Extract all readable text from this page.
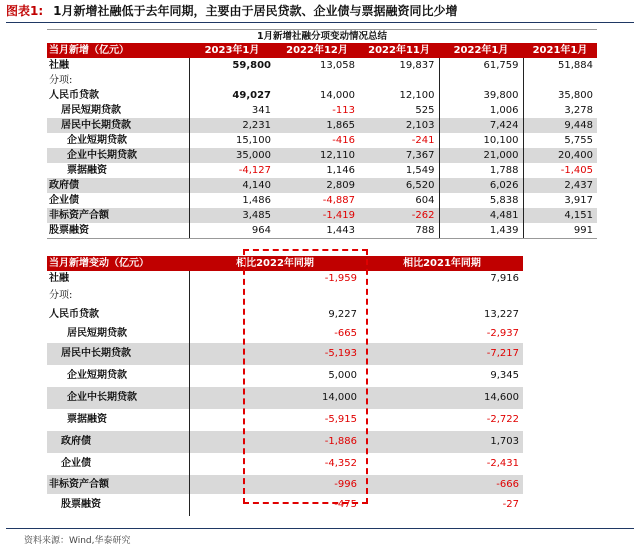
图表1: 1月新增社融低于去年同期，主要由于居民贷款、企业债与票据融资同比少增
1月新增社融分项变动情况总结
当月新增（亿元）	2023年1月	2022年12月	2022年11月	2022年1月	2021年1月
社融	59,800	13,058	19,837	61,759	51,884
分项:					
人民币贷款	49,027	14,000	12,100	39,800	35,800
居民短期贷款	341	-113	525	1,006	3,278
居民中长期贷款	2,231	1,865	2,103	7,424	9,448
企业短期贷款	15,100	-416	-241	10,100	5,755
企业中长期贷款	35,000	12,110	7,367	21,000	20,400
票据融资	-4,127	1,146	1,549	1,788	-1,405
政府债	4,140	2,809	6,520	6,026	2,437
企业债	1,486	-4,887	604	5,838	3,917
非标资产合额	3,485	-1,419	-262	4,481	4,151
股票融资	964	1,443	788	1,439	991
当月新增变动（亿元）	相比2022年同期	相比2021年同期
社融	-1,959	7,916
分项:		
人民币贷款	9,227	13,227
居民短期贷款	-665	-2,937
居民中长期贷款	-5,193	-7,217
企业短期贷款	5,000	9,345
企业中长期贷款	14,000	14,600
票据融资	-5,915	-2,722
政府债	-1,886	1,703
企业债	-4,352	-2,431
非标资产合额	-996	-666
股票融资	-475	-27
资料来源：Wind,华泰研究
